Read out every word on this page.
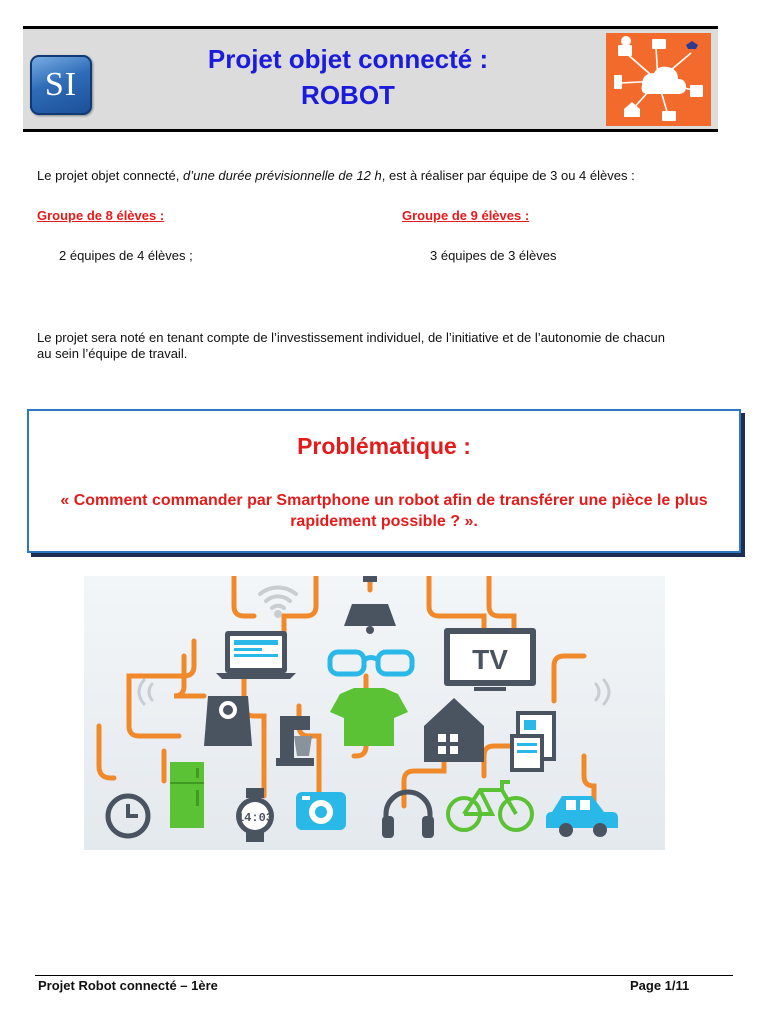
SI
Projet objet connecté :
ROBOT
Le projet objet connecté, d’une durée prévisionnelle de 12 h, est à réaliser par équipe de 3 ou 4 élèves :
Groupe de 8 élèves :	Groupe de 9 élèves :
2 équipes de 4 élèves ;	3 équipes de 3 élèves
Le projet sera noté en tenant compte de l’investissement individuel, de l’initiative et de l’autonomie de chacun
au sein l’équipe de travail.
Problématique :
« Comment commander par Smartphone un robot afin de transférer une pièce le plus rapidement possible ? ».
TV
14:03
Projet Robot connecté – 1ère	Page 1/11
